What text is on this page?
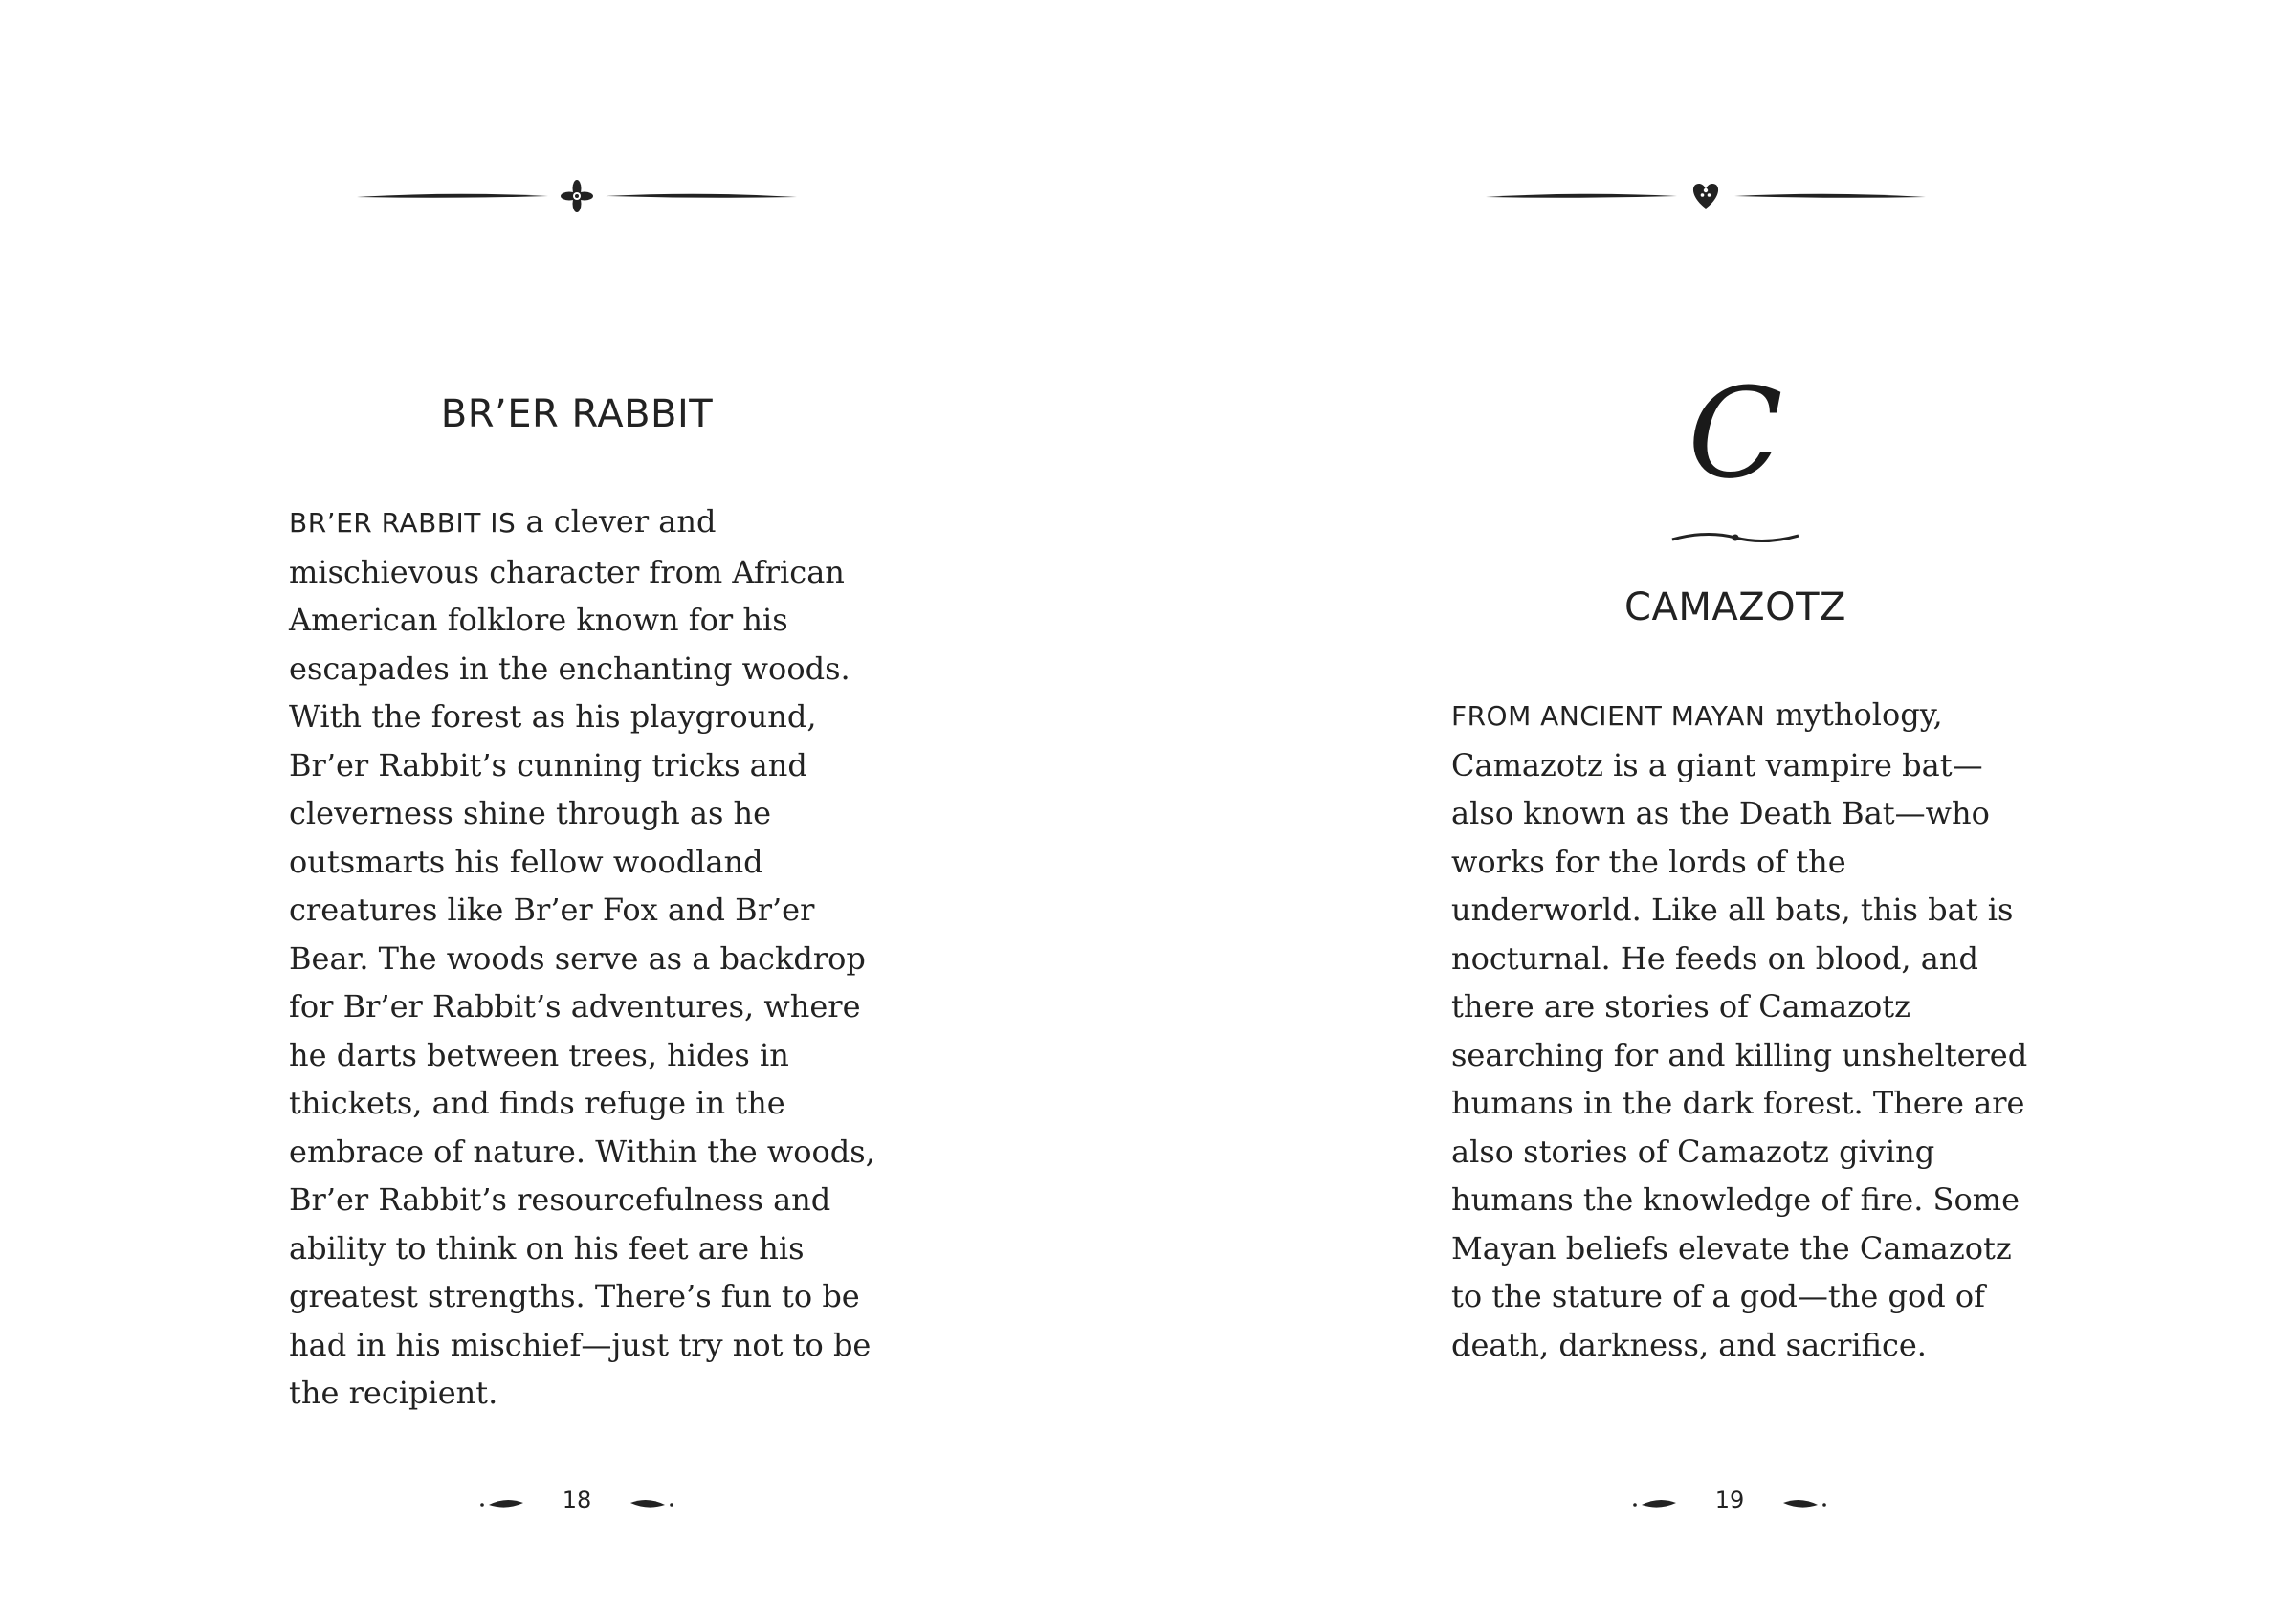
BR’ER RABBIT

BR’ER RABBIT IS a clever and mischievous character from African American folklore known for his escapades in the enchanting woods. With the forest as his playground, Br’er Rabbit’s cunning tricks and cleverness shine through as he outsmarts his fellow woodland creatures like Br’er Fox and Br’er Bear. The woods serve as a backdrop for Br’er Rabbit’s adventures, where he darts between trees, hides in thickets, and finds refuge in the embrace of nature. Within the woods, Br’er Rabbit’s resourcefulness and ability to think on his feet are his greatest strengths. There’s fun to be had in his mischief—just try not to be the recipient.

18
C
CAMAZOTZ

FROM ANCIENT MAYAN mythology, Camazotz is a giant vampire bat—also known as the Death Bat—who works for the lords of the underworld. Like all bats, this bat is nocturnal. He feeds on blood, and there are stories of Camazotz searching for and killing unsheltered humans in the dark forest. There are also stories of Camazotz giving humans the knowledge of fire. Some Mayan beliefs elevate the Camazotz to the stature of a god—the god of death, darkness, and sacrifice.

19
